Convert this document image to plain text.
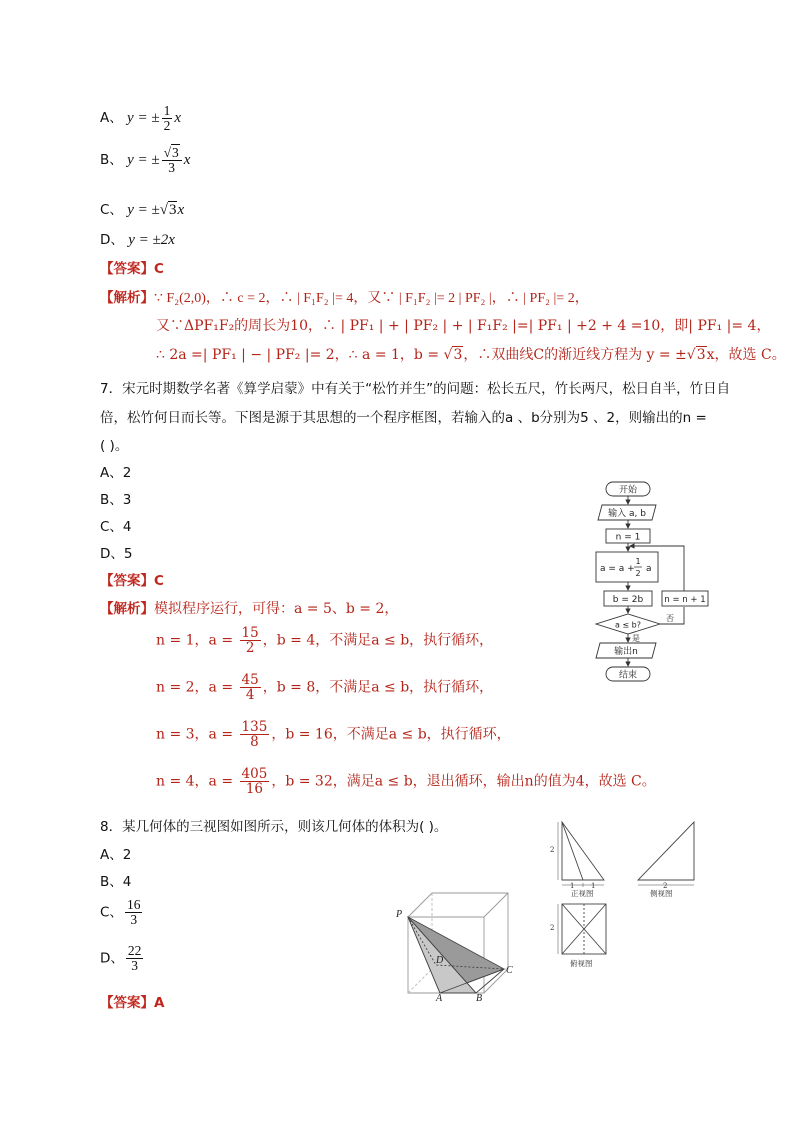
A、 y = ± $\frac{1}{2}$ x
B、 y = ± $\frac{√3}{3}$ x
C、 y = ±√3x
D、 y = ±2x
【答案】C
【解析】∵ F₂(2,0)，∴ c = 2，∴ | F₁F₂ |= 4，又∵ | F₁F₂ |= 2 | PF₂ |，∴ | PF₂ |= 2，
又∵ΔPF₁F₂的周长为10，∴ | PF₁ | + | PF₂ | + | F₁F₂ |=| PF₁ | +2 + 4 =10，即| PF₁ |= 4，
∴ 2a =| PF₁ | − | PF₂ |= 2，∴ a = 1，b = √3，∴双曲线C的渐近线方程为 y = ±√3x，故选 C。
7．宋元时期数学名著《算学启蒙》中有关于“松竹并生”的问题：松长五尺，竹长两尺，松日自半，竹日自
倍，松竹何日而长等。下图是源于其思想的一个程序框图，若输入的a 、b分别为5 、2，则输出的n =
( )。
A、2
B、3
C、4
D、5
【答案】C
【解析】模拟程序运行，可得：a = 5、b = 2，
n = 1，$a = \frac{15}{2}$ ，b = 4，不满足a ≤ b，执行循环，
n = 2，$a = \frac{45}{4}$ ，b = 8，不满足a ≤ b，执行循环，
n = 3，$a = \frac{135}{8}$ ，b = 16，不满足a ≤ b，执行循环，
n = 4，$a = \frac{405}{16}$ ，b = 32，满足a ≤ b，退出循环，输出n的值为4，故选 C。
开始
输入 a, b
n = 1
a = a +
1
2 a
b = 2b
a ≤ b?
是
否
n = n + 1
输出n
结束
8．某几何体的三视图如图所示，则该几何体的体积为( )。
A、2
B、4
C、 $\frac{16}{3}$
D、 $\frac{22}{3}$
【答案】A
2
1 1	2
2
正视图	侧视图
俯视图
P
D
A	B
C
